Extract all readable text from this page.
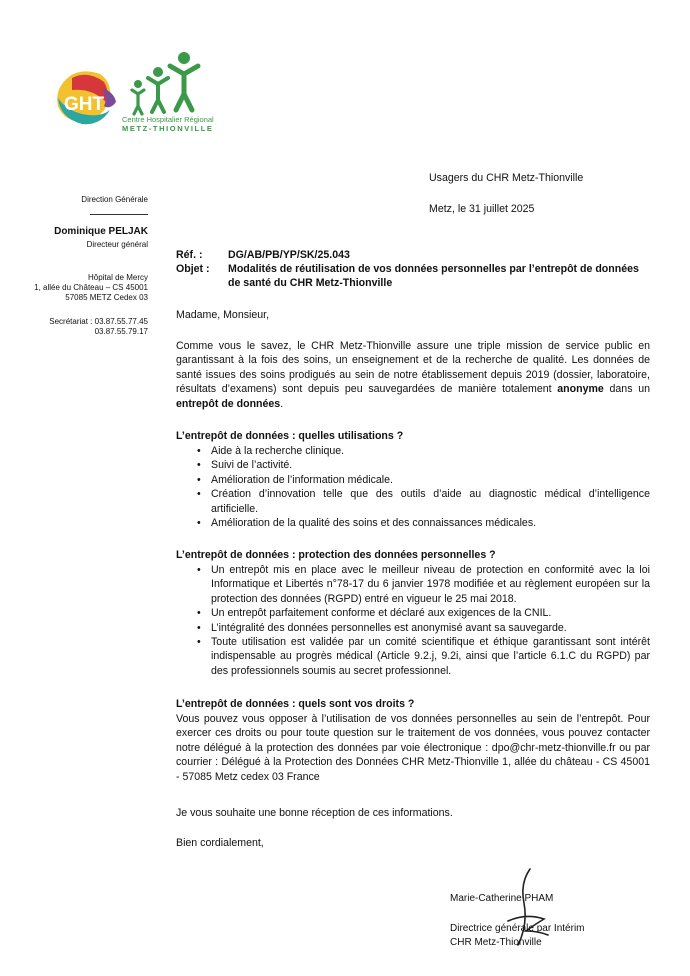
GHT
Centre Hospitalier Régional
METZ-THIONVILLE
Direction Générale
Dominique PELJAK
Directeur général
Hôpital de Mercy
1, allée du Château – CS 45001
57085 METZ Cedex 03
Secrétariat : 03.87.55.77.45
03.87.55.79.17
Usagers du CHR Metz-Thionville
Metz, le 31 juillet 2025
Réf. :	DG/AB/PB/YP/SK/25.043
Objet :	Modalités de réutilisation de vos données personnelles par l’entrepôt de données de santé du CHR Metz-Thionville
Madame, Monsieur,
Comme vous le savez, le CHR Metz-Thionville assure une triple mission de service public en garantissant à la fois des soins, un enseignement et de la recherche de qualité. Les données de santé issues des soins prodigués au sein de notre établissement depuis 2019 (dossier, laboratoire, résultats d’examens) sont depuis peu sauvegardées de manière totalement anonyme dans un entrepôt de données.
L’entrepôt de données : quelles utilisations ?
• Aide à la recherche clinique.
• Suivi de l’activité.
• Amélioration de l’information médicale.
• Création d’innovation telle que des outils d’aide au diagnostic médical d’intelligence artificielle.
• Amélioration de la qualité des soins et des connaissances médicales.
L’entrepôt de données : protection des données personnelles ?
• Un entrepôt mis en place avec le meilleur niveau de protection en conformité avec la loi Informatique et Libertés n°78-17 du 6 janvier 1978 modifiée et au règlement européen sur la protection des données (RGPD) entré en vigueur le 25 mai 2018.
• Un entrepôt parfaitement conforme et déclaré aux exigences de la CNIL.
• L’intégralité des données personnelles est anonymisé avant sa sauvegarde.
• Toute utilisation est validée par un comité scientifique et éthique garantissant sont intérêt indispensable au progrès médical (Article 9.2.j, 9.2i, ainsi que l’article 6.1.C du RGPD) par des professionnels soumis au secret professionnel.
L’entrepôt de données : quels sont vos droits ?
Vous pouvez vous opposer à l’utilisation de vos données personnelles au sein de l’entrepôt. Pour exercer ces droits ou pour toute question sur le traitement de vos données, vous pouvez contacter notre délégué à la protection des données par voie électronique : dpo@chr-metz-thionville.fr ou par courrier : Délégué à la Protection des Données CHR Metz-Thionville 1, allée du château - CS 45001 - 57085 Metz cedex 03 France
Je vous souhaite une bonne réception de ces informations.
Bien cordialement,
Marie-Catherine PHAM
Directrice générale par Intérim
CHR Metz-Thionville
